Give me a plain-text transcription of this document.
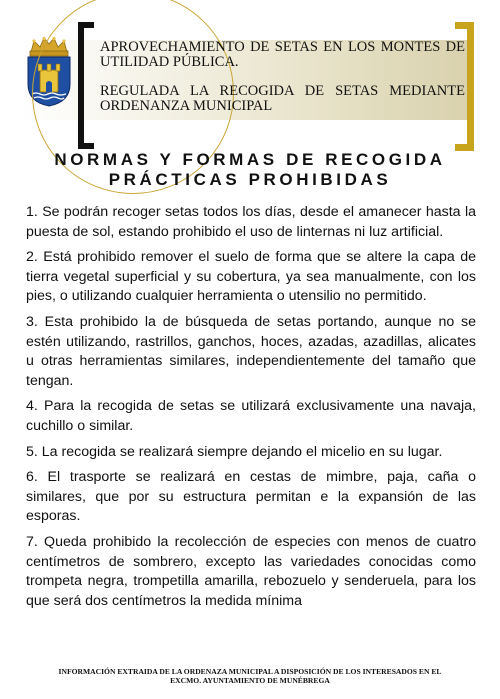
APROVECHAMIENTO DE SETAS EN LOS MONTES DE UTILIDAD PÚBLICA.

REGULADA LA RECOGIDA DE SETAS MEDIANTE ORDENANZA MUNICIPAL

NORMAS Y FORMAS DE RECOGIDA
PRÁCTICAS PROHIBIDAS

1. Se podrán recoger setas todos los días, desde el amanecer hasta la puesta de sol, estando prohibido el uso de linternas ni luz artificial.

2. Está prohibido remover el suelo de forma que se altere la capa de tierra vegetal superficial y su cobertura, ya sea manualmente, con los pies, o utilizando cualquier herramienta o utensilio no permitido.

3. Esta prohibido la de búsqueda de setas portando, aunque no se estén utilizando, rastrillos, ganchos, hoces, azadas, azadillas, alicates u otras herramientas similares, independientemente del tamaño que tengan.

4. Para la recogida de setas se utilizará exclusivamente una navaja, cuchillo o similar.

5. La recogida se realizará siempre dejando el micelio en su lugar.

6. El trasporte se realizará en cestas de mimbre, paja, caña o similares, que por su estructura permitan e la expansión de las esporas.

7. Queda prohibido la recolección de especies con menos de cuatro centímetros de sombrero, excepto las variedades conocidas como trompeta negra, trompetilla amarilla, rebozuelo y senderuela, para los que será dos centímetros la medida mínima

INFORMACIÓN EXTRAIDA DE LA ORDENAZA MUNICIPAL A DISPOSICIÓN DE LOS INTERESADOS EN EL
EXCMO. AYUNTAMIENTO DE MUNÉBREGA
